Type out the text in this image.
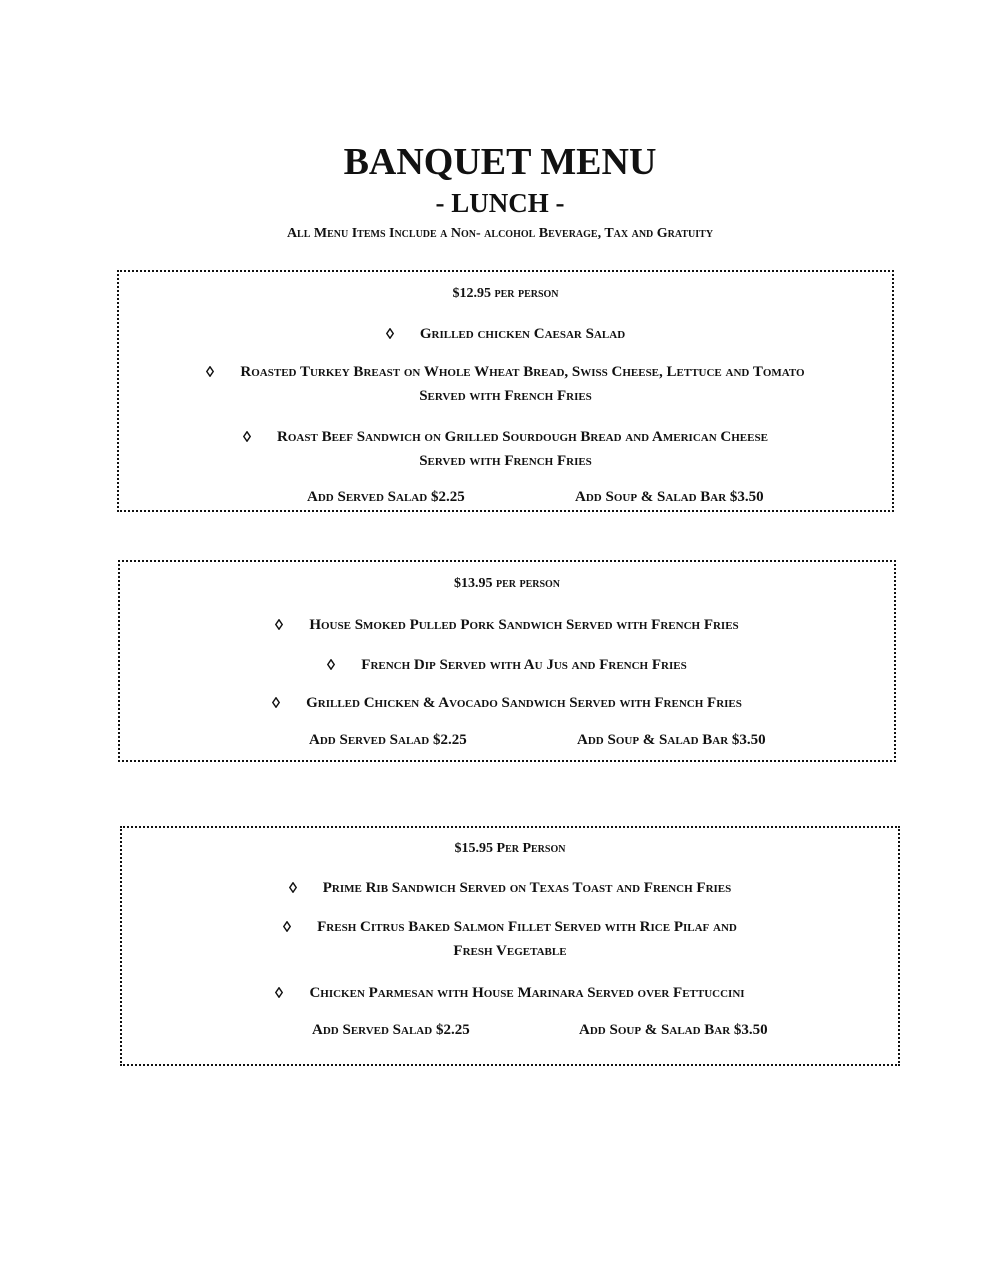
BANQUET MENU
- LUNCH -
All Menu Items Include a Non- alcohol Beverage, Tax and Gratuity
$12.95 per person
Grilled chicken Caesar Salad
Roasted Turkey Breast on Whole Wheat Bread, Swiss Cheese, Lettuce and Tomato
Served with French Fries
Roast Beef Sandwich on Grilled Sourdough Bread and American Cheese
Served with French Fries
Add Served Salad $2.25	Add Soup & Salad Bar $3.50
$13.95 per person
House Smoked Pulled Pork Sandwich Served with French Fries
French Dip Served with Au Jus and French Fries
Grilled Chicken & Avocado Sandwich Served with French Fries
Add Served Salad $2.25	Add Soup & Salad Bar $3.50
$15.95 Per Person
Prime Rib Sandwich Served on Texas Toast and French Fries
Fresh Citrus Baked Salmon Fillet Served with Rice Pilaf and
Fresh Vegetable
Chicken Parmesan with House Marinara Served over Fettuccini
Add Served Salad $2.25	Add Soup & Salad Bar $3.50
